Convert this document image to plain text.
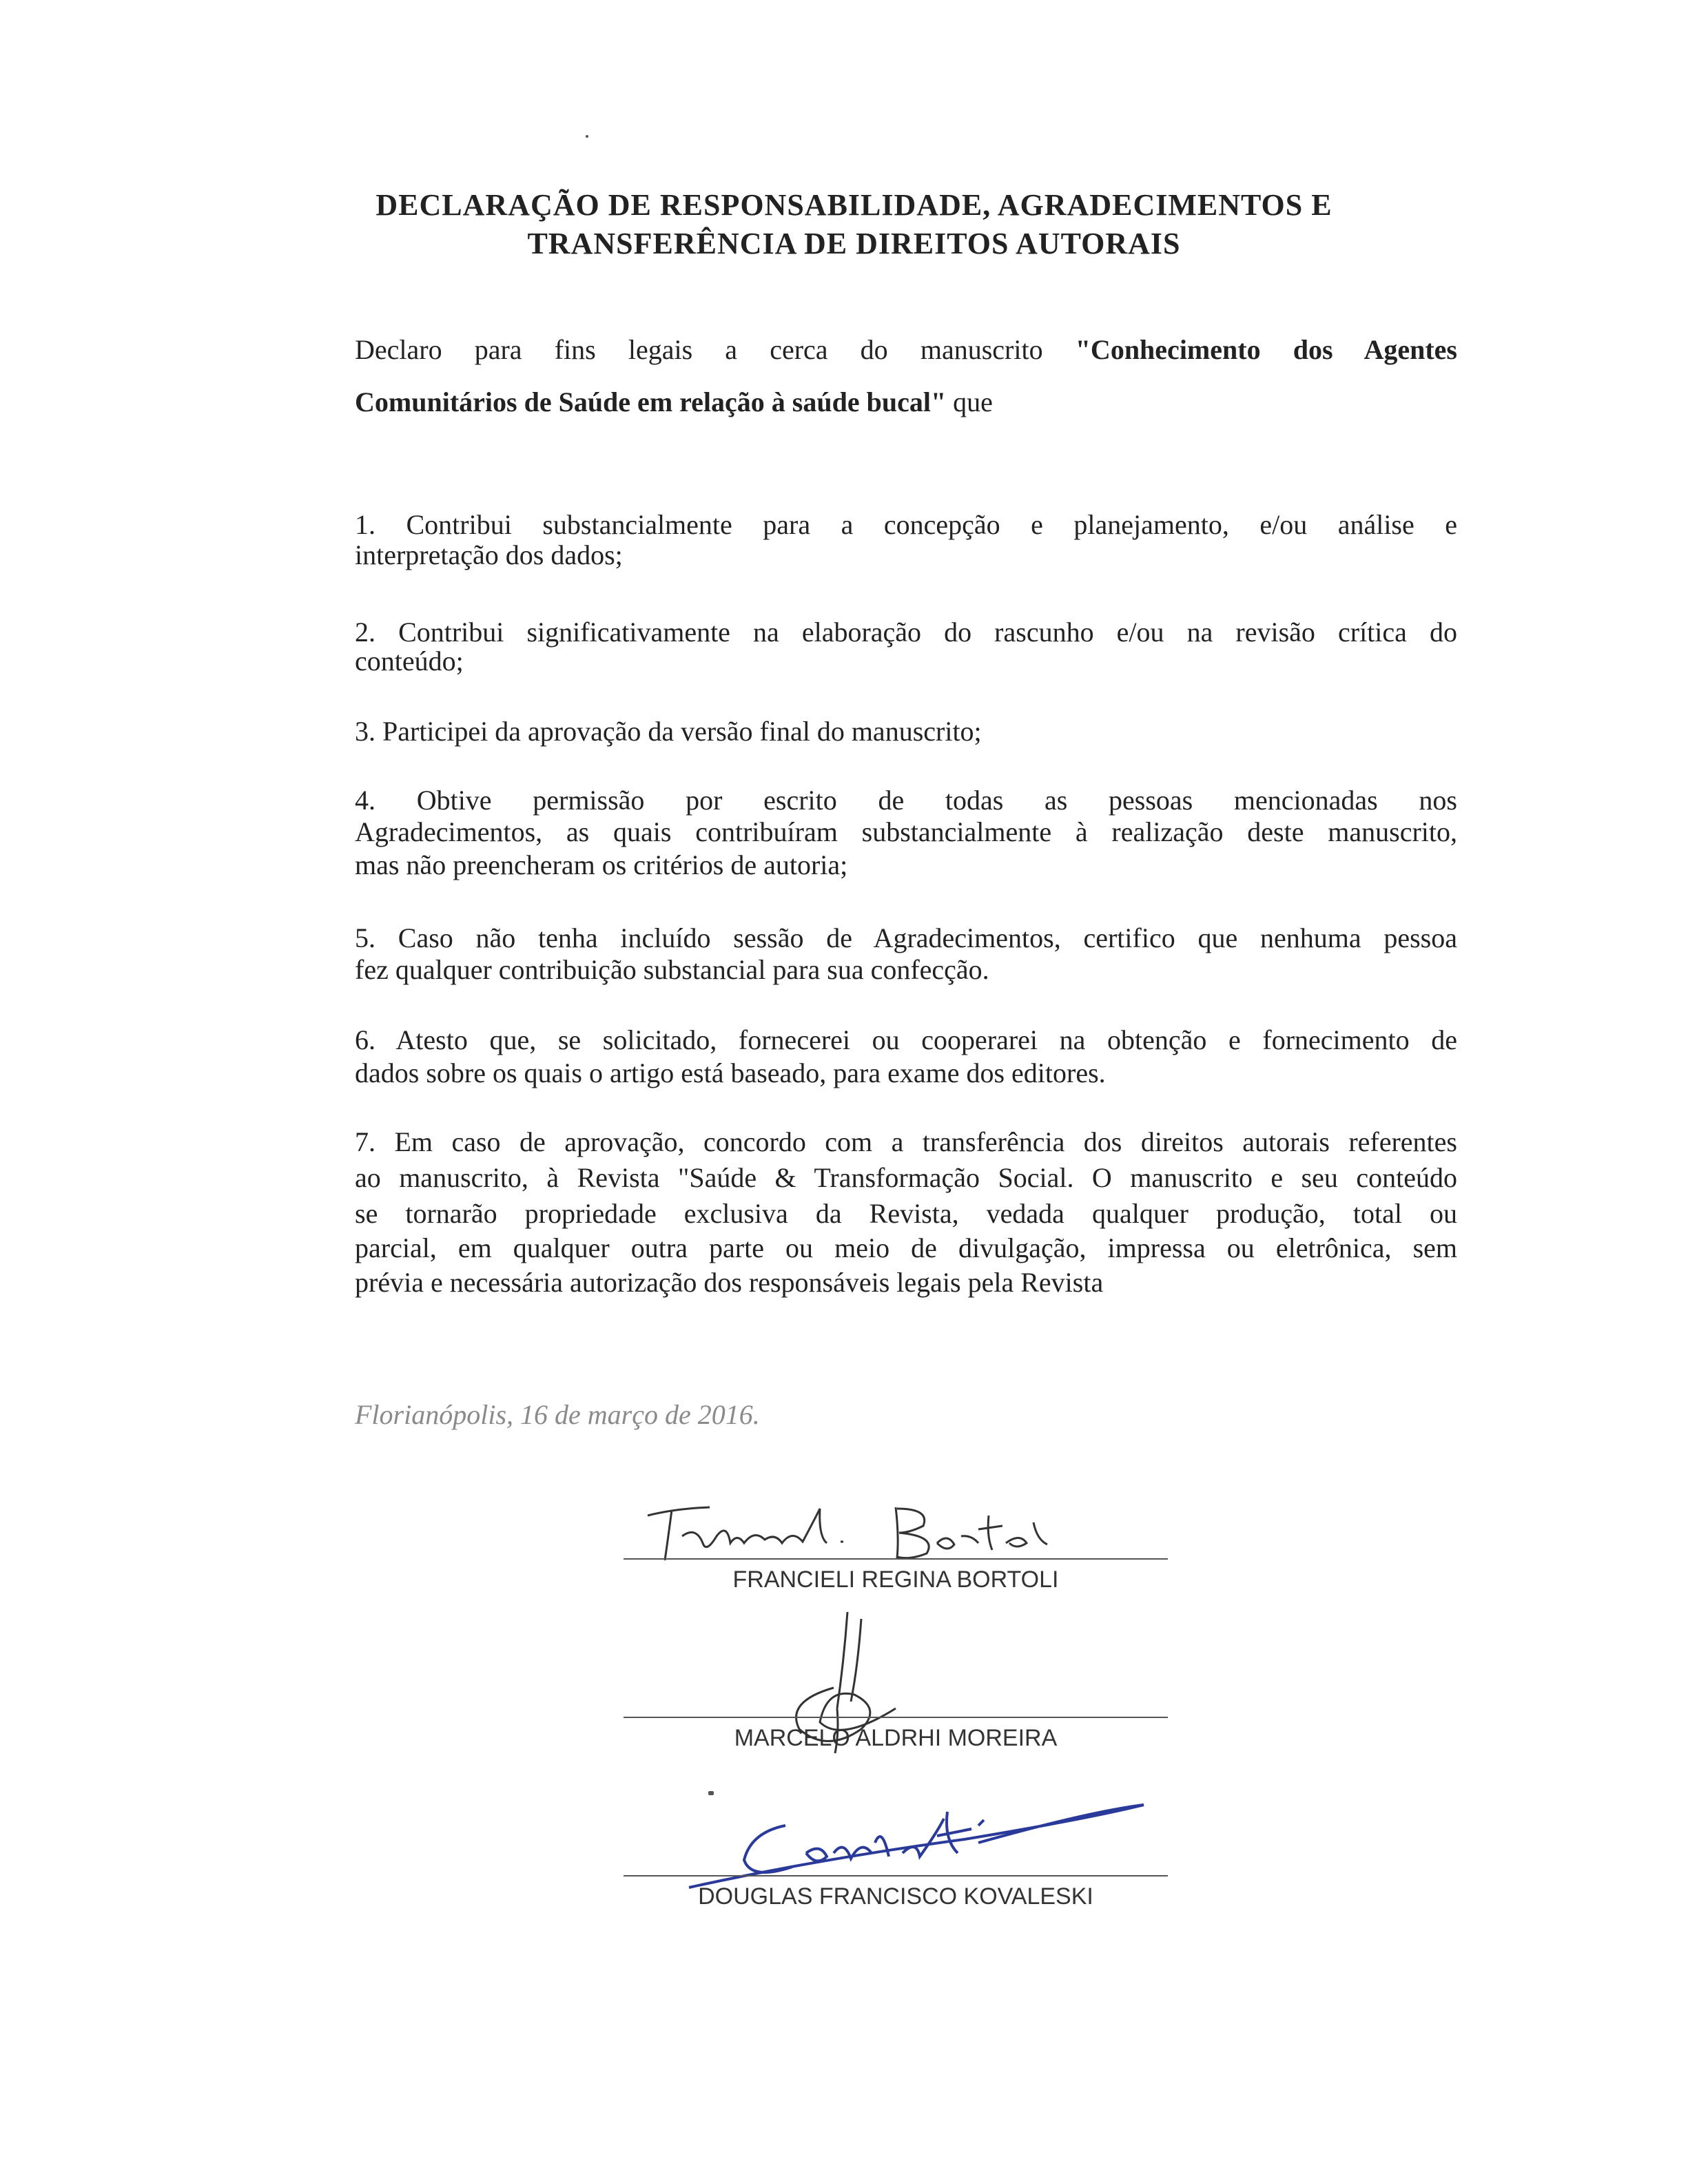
DECLARAÇÃO DE RESPONSABILIDADE, AGRADECIMENTOS E
TRANSFERÊNCIA DE DIREITOS AUTORAIS
Declaro para fins legais a cerca do manuscrito "Conhecimento dos Agentes
Comunitários de Saúde em relação à saúde bucal" que
1. Contribui substancialmente para a concepção e planejamento, e/ou análise e
interpretação dos dados;
2. Contribui significativamente na elaboração do rascunho e/ou na revisão crítica do
conteúdo;
3. Participei da aprovação da versão final do manuscrito;
4. Obtive permissão por escrito de todas as pessoas mencionadas nos
Agradecimentos, as quais contribuíram substancialmente à realização deste manuscrito,
mas não preencheram os critérios de autoria;
5. Caso não tenha incluído sessão de Agradecimentos, certifico que nenhuma pessoa
fez qualquer contribuição substancial para sua confecção.
6. Atesto que, se solicitado, fornecerei ou cooperarei na obtenção e fornecimento de
dados sobre os quais o artigo está baseado, para exame dos editores.
7. Em caso de aprovação, concordo com a transferência dos direitos autorais referentes
ao manuscrito, à Revista "Saúde & Transformação Social. O manuscrito e seu conteúdo
se tornarão propriedade exclusiva da Revista, vedada qualquer produção, total ou
parcial, em qualquer outra parte ou meio de divulgação, impressa ou eletrônica, sem
prévia e necessária autorização dos responsáveis legais pela Revista
Florianópolis, 16 de março de 2016.
FRANCIELI REGINA BORTOLI
MARCELO ALDRHI MOREIRA
DOUGLAS FRANCISCO KOVALESKI
